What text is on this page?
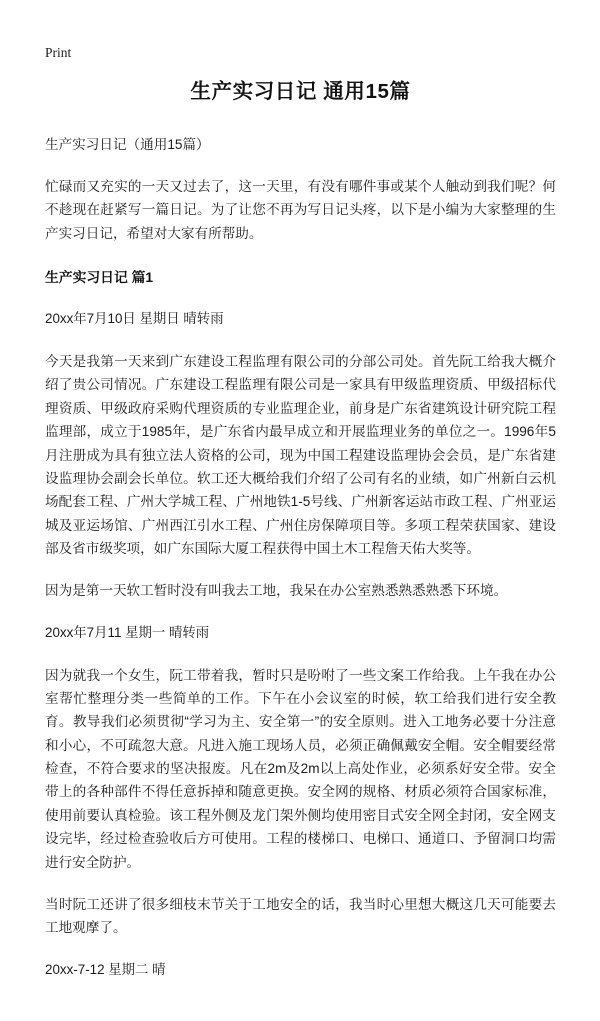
Print
生产实习日记 通用15篇

生产实习日记（通用15篇）

忙碌而又充实的一天又过去了，这一天里，有没有哪件事或某个人触动到我们呢？何不趁现在赶紧写一篇日记。为了让您不再为写日记头疼，以下是小编为大家整理的生产实习日记，希望对大家有所帮助。

生产实习日记 篇1

20xx年7月10日 星期日 晴转雨

今天是我第一天来到广东建设工程监理有限公司的分部公司处。首先阮工给我大概介绍了贵公司情况。广东建设工程监理有限公司是一家具有甲级监理资质、甲级招标代理资质、甲级政府采购代理资质的专业监理企业，前身是广东省建筑设计研究院工程监理部，成立于1985年，是广东省内最早成立和开展监理业务的单位之一。1996年5月注册成为具有独立法人资格的公司，现为中国工程建设监理协会会员，是广东省建设监理协会副会长单位。软工还大概给我们介绍了公司有名的业绩，如广州新白云机场配套工程、广州大学城工程、广州地铁1-5号线、广州新客运站市政工程、广州亚运城及亚运场馆、广州西江引水工程、广州住房保障项目等。多项工程荣获国家、建设部及省市级奖项，如广东国际大厦工程获得中国土木工程詹天佑大奖等。

因为是第一天软工暂时没有叫我去工地，我呆在办公室熟悉熟悉熟悉下环境。

20xx年7月11 星期一 晴转雨

因为就我一个女生，阮工带着我，暂时只是吩咐了一些文案工作给我。上午我在办公室帮忙整理分类一些简单的工作。下午在小会议室的时候，软工给我们进行安全教育。教导我们必须贯彻“学习为主、安全第一”的安全原则。进入工地务必要十分注意和小心，不可疏忽大意。凡进入施工现场人员，必须正确佩戴安全帽。安全帽要经常检查，不符合要求的坚决报废。凡在2m及2m以上高处作业，必须系好安全带。安全带上的各种部件不得任意拆掉和随意更换。安全网的规格、材质必须符合国家标准，使用前要认真检验。该工程外侧及龙门架外侧均使用密目式安全网全封闭，安全网支设完毕，经过检查验收后方可使用。工程的楼梯口、电梯口、通道口、予留洞口均需进行安全防护。

当时阮工还讲了很多细枝末节关于工地安全的话，我当时心里想大概这几天可能要去工地观摩了。

20xx-7-12 星期二 晴
